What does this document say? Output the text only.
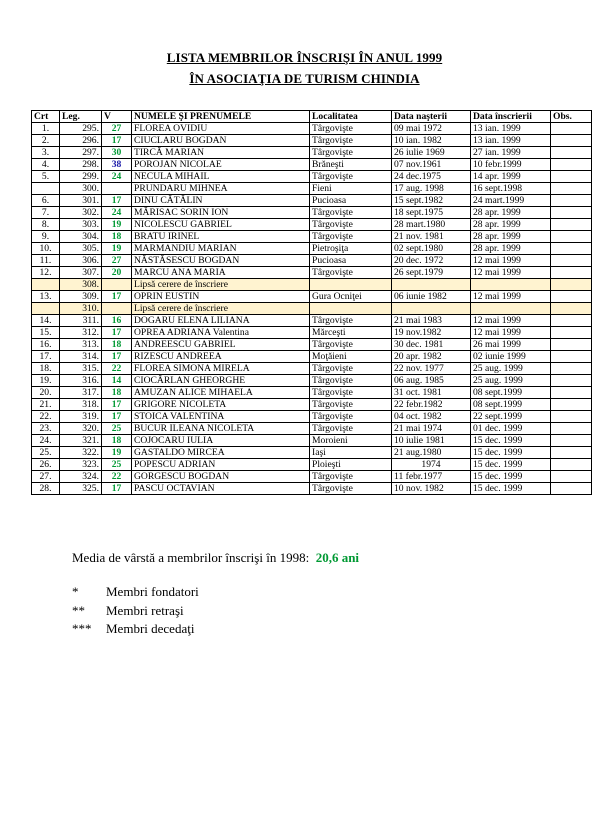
LISTA MEMBRILOR ÎNSCRIŞI ÎN ANUL 1999
ÎN ASOCIAŢIA DE TURISM CHINDIA
Crt	Leg.	V	NUMELE ŞI PRENUMELE	Localitatea	Data naşterii	Data înscrierii	Obs.
1.	295.	27	FLOREA OVIDIU	Târgovişte	09 mai 1972	13 ian. 1999	
2.	296.	17	CIUCLARU BOGDAN	Târgovişte	10 ian. 1982	13 ian. 1999	
3.	297.	30	TIRCĂ MARIAN	Târgovişte	26 iulie 1969	27 ian. 1999	
4.	298.	38	POROJAN NICOLAE	Brăneşti	07 nov.1961	10 febr.1999	
5.	299.	24	NECULA MIHAIL	Târgovişte	24 dec.1975	14 apr. 1999	
	300.		PRUNDARU MIHNEA	Fieni	17 aug. 1998	16 sept.1998	
6.	301.	17	DINU CĂTĂLIN	Pucioasa	15 sept.1982	24 mart.1999	
7.	302.	24	MĂRISAC SORIN ION	Târgovişte	18 sept.1975	28 apr. 1999	
8.	303.	19	NICOLESCU GABRIEL	Târgovişte	28 mart.1980	28 apr. 1999	
9.	304.	18	BRATU IRINEL	Târgovişte	21 nov. 1981	28 apr. 1999	
10.	305.	19	MARMANDIU MARIAN	Pietroşiţa	02 sept.1980	28 apr. 1999	
11.	306.	27	NĂSTĂSESCU BOGDAN	Pucioasa	20 dec. 1972	12 mai 1999	
12.	307.	20	MARCU ANA MARIA	Târgovişte	26 sept.1979	12 mai 1999	
	308.		Lipsă cerere de înscriere				
13.	309.	17	OPRIN EUSTIN	Gura Ocniţei	06 iunie 1982	12 mai 1999	
	310.		Lipsă cerere de înscriere				
14.	311.	16	DOGARU ELENA LILIANA	Târgovişte	21 mai 1983	12 mai 1999	
15.	312.	17	OPREA ADRIANA Valentina	Mărceşti	19 nov.1982	12 mai 1999	
16.	313.	18	ANDREESCU GABRIEL	Târgovişte	30 dec. 1981	26 mai 1999	
17.	314.	17	RIZESCU ANDREEA	Moţăieni	20 apr. 1982	02 iunie 1999	
18.	315.	22	FLOREA SIMONA MIRELA	Târgovişte	22 nov. 1977	25 aug. 1999	
19.	316.	14	CIOCÂRLAN GHEORGHE	Târgovişte	06 aug. 1985	25 aug. 1999	
20.	317.	18	AMUZAN ALICE MIHAELA	Târgovişte	31 oct. 1981	08 sept.1999	
21.	318.	17	GRIGORE NICOLETA	Târgovişte	22 febr.1982	08 sept.1999	
22.	319.	17	STOICA VALENTINA	Târgovişte	04 oct. 1982	22 sept.1999	
23.	320.	25	BUCUR ILEANA NICOLETA	Târgovişte	21 mai 1974	01 dec. 1999	
24.	321.	18	COJOCARU IULIA	Moroieni	10 iulie 1981	15 dec. 1999	
25.	322.	19	GASTALDO MIRCEA	Iaşi	21 aug.1980	15 dec. 1999	
26.	323.	25	POPESCU ADRIAN	Ploieşti	1974	15 dec. 1999	
27.	324.	22	GORGESCU BOGDAN	Târgovişte	11 febr.1977	15 dec. 1999	
28.	325.	17	PASCU OCTAVIAN	Târgovişte	10 nov. 1982	15 dec. 1999	
Media de vârstă a membrilor înscrişi în 1998: 20,6 ani
* Membri fondatori
** Membri retraşi
*** Membri decedaţi
